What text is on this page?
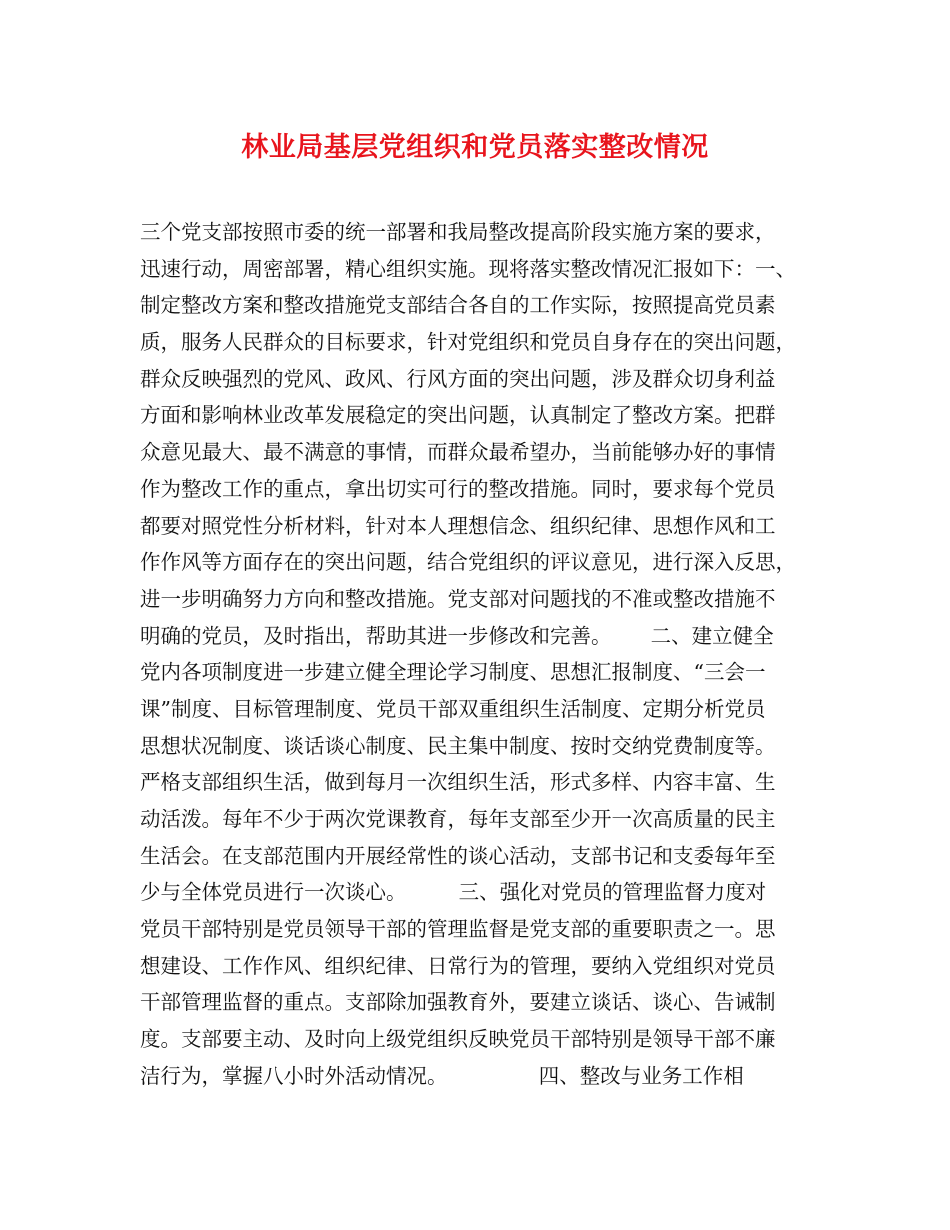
林业局基层党组织和党员落实整改情况
三个党支部按照市委的统一部署和我局整改提高阶段实施方案的要求，
迅速行动，周密部署，精心组织实施。现将落实整改情况汇报如下：一、
制定整改方案和整改措施党支部结合各自的工作实际，按照提高党员素
质，服务人民群众的目标要求，针对党组织和党员自身存在的突出问题，
群众反映强烈的党风、政风、行风方面的突出问题，涉及群众切身利益
方面和影响林业改革发展稳定的突出问题，认真制定了整改方案。把群
众意见最大、最不满意的事情，而群众最希望办，当前能够办好的事情
作为整改工作的重点，拿出切实可行的整改措施。同时，要求每个党员
都要对照党性分析材料，针对本人理想信念、组织纪律、思想作风和工
作作风等方面存在的突出问题，结合党组织的评议意见，进行深入反思，
进一步明确努力方向和整改措施。党支部对问题找的不准或整改措施不
明确的党员，及时指出，帮助其进一步修改和完善。      二、建立健全
党内各项制度进一步建立健全理论学习制度、思想汇报制度、“三会一
课”制度、目标管理制度、党员干部双重组织生活制度、定期分析党员
思想状况制度、谈话谈心制度、民主集中制度、按时交纳党费制度等。
严格支部组织生活，做到每月一次组织生活，形式多样、内容丰富、生
动活泼。每年不少于两次党课教育，每年支部至少开一次高质量的民主
生活会。在支部范围内开展经常性的谈心活动，支部书记和支委每年至
少与全体党员进行一次谈心。        三、强化对党员的管理监督力度对
党员干部特别是党员领导干部的管理监督是党支部的重要职责之一。思
想建设、工作作风、组织纪律、日常行为的管理，要纳入党组织对党员
干部管理监督的重点。支部除加强教育外，要建立谈话、谈心、告诫制
度。支部要主动、及时向上级党组织反映党员干部特别是领导干部不廉
洁行为，掌握八小时外活动情况。              四、整改与业务工作相
